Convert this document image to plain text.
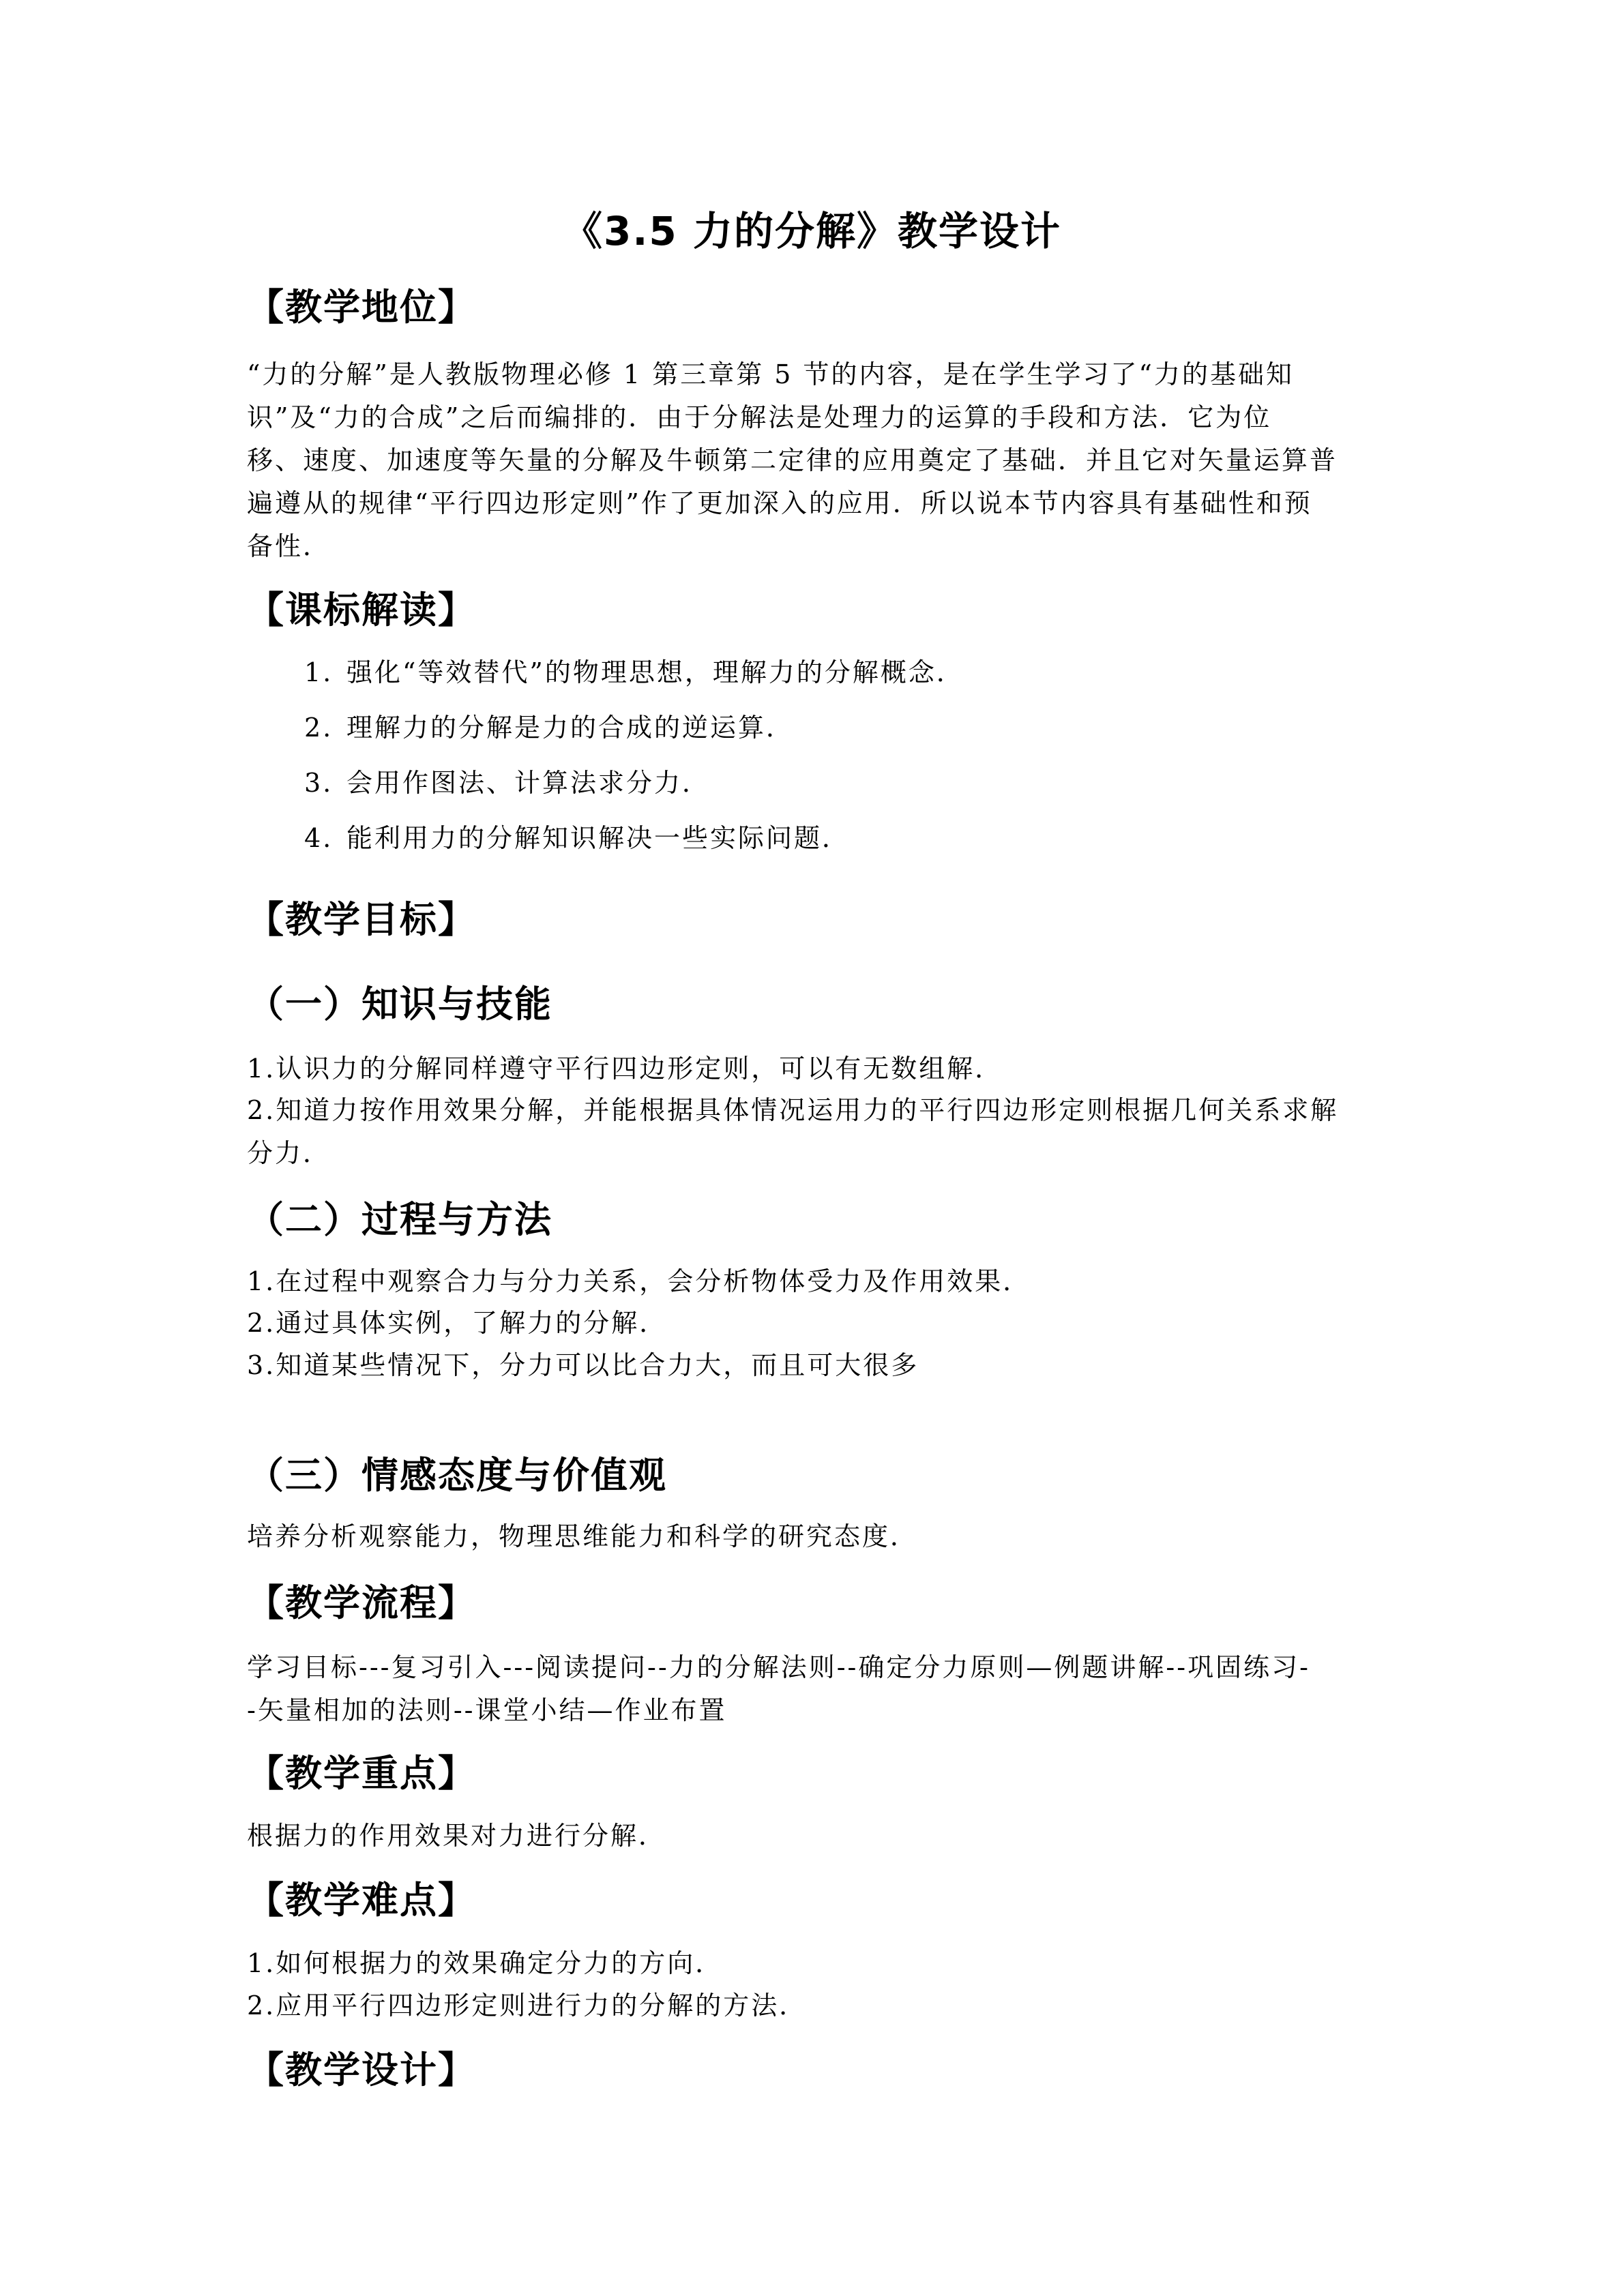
《3.5 力的分解》教学设计
【教学地位】
“力的分解”是人教版物理必修 1 第三章第 5 节的内容，是在学生学习了“力的基础知
识”及“力的合成”之后而编排的．由于分解法是处理力的运算的手段和方法．它为位
移、速度、加速度等矢量的分解及牛顿第二定律的应用奠定了基础．并且它对矢量运算普
遍遵从的规律“平行四边形定则”作了更加深入的应用．所以说本节内容具有基础性和预
备性．
【课标解读】
1. 强化“等效替代”的物理思想，理解力的分解概念．
2. 理解力的分解是力的合成的逆运算．
3. 会用作图法、计算法求分力．
4. 能利用力的分解知识解决一些实际问题．
【教学目标】
（一）知识与技能
1.认识力的分解同样遵守平行四边形定则，可以有无数组解．
2.知道力按作用效果分解，并能根据具体情况运用力的平行四边形定则根据几何关系求解
分力．
（二）过程与方法
1.在过程中观察合力与分力关系，会分析物体受力及作用效果．
2.通过具体实例，了解力的分解．
3.知道某些情况下，分力可以比合力大，而且可大很多
（三）情感态度与价值观
培养分析观察能力，物理思维能力和科学的研究态度．
【教学流程】
学习目标---复习引入---阅读提问--力的分解法则--确定分力原则—例题讲解--巩固练习-
-矢量相加的法则--课堂小结—作业布置
【教学重点】
根据力的作用效果对力进行分解．
【教学难点】
1.如何根据力的效果确定分力的方向．
2.应用平行四边形定则进行力的分解的方法．
【教学设计】
